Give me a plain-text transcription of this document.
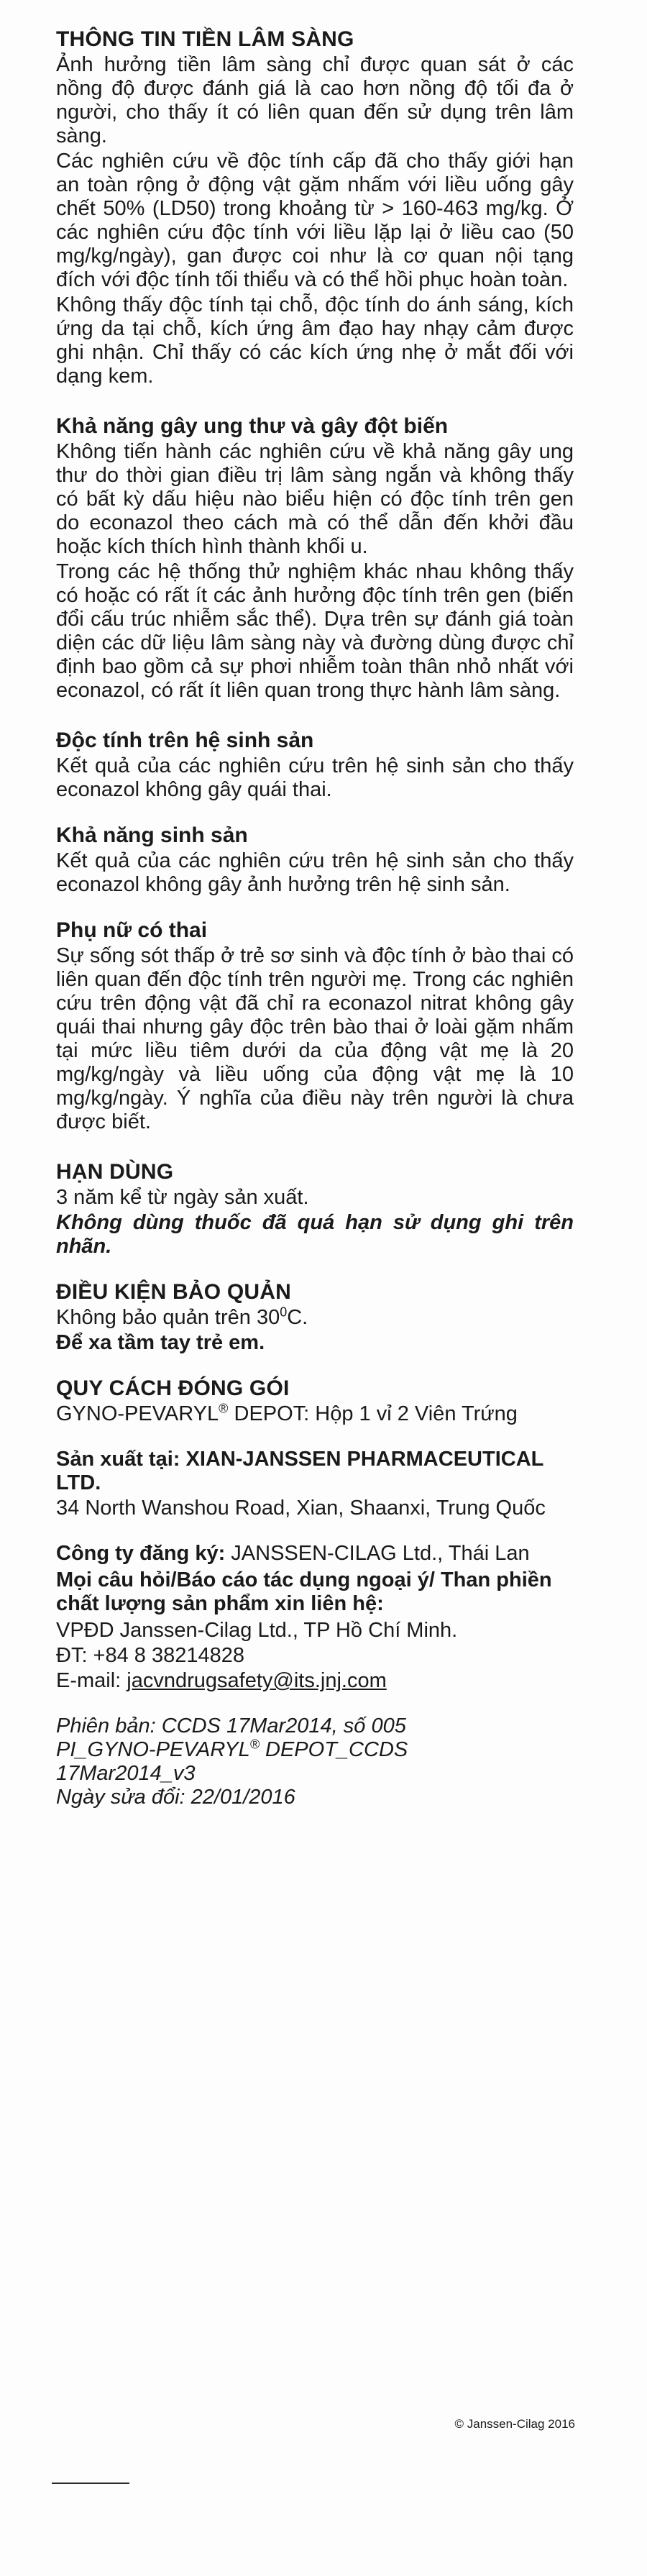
THÔNG TIN TIỀN LÂM SÀNG

Ảnh hưởng tiền lâm sàng chỉ được quan sát ở các nồng độ được đánh giá là cao hơn nồng độ tối đa ở người, cho thấy ít có liên quan đến sử dụng trên lâm sàng.

Các nghiên cứu về độc tính cấp đã cho thấy giới hạn an toàn rộng ở động vật gặm nhấm với liều uống gây chết 50% (LD50) trong khoảng từ > 160-463 mg/kg. Ở các nghiên cứu độc tính với liều lặp lại ở liều cao (50 mg/kg/ngày), gan được coi như là cơ quan nội tạng đích với độc tính tối thiểu và có thể hồi phục hoàn toàn.

Không thấy độc tính tại chỗ, độc tính do ánh sáng, kích ứng da tại chỗ, kích ứng âm đạo hay nhạy cảm được ghi nhận. Chỉ thấy có các kích ứng nhẹ ở mắt đối với dạng kem.

Khả năng gây ung thư và gây đột biến

Không tiến hành các nghiên cứu về khả năng gây ung thư do thời gian điều trị lâm sàng ngắn và không thấy có bất kỳ dấu hiệu nào biểu hiện có độc tính trên gen do econazol theo cách mà có thể dẫn đến khởi đầu hoặc kích thích hình thành khối u.

Trong các hệ thống thử nghiệm khác nhau không thấy có hoặc có rất ít các ảnh hưởng độc tính trên gen (biến đổi cấu trúc nhiễm sắc thể). Dựa trên sự đánh giá toàn diện các dữ liệu lâm sàng này và đường dùng được chỉ định bao gồm cả sự phơi nhiễm toàn thân nhỏ nhất với econazol, có rất ít liên quan trong thực hành lâm sàng.

Độc tính trên hệ sinh sản

Kết quả của các nghiên cứu trên hệ sinh sản cho thấy econazol không gây quái thai.

Khả năng sinh sản

Kết quả của các nghiên cứu trên hệ sinh sản cho thấy econazol không gây ảnh hưởng trên hệ sinh sản.

Phụ nữ có thai

Sự sống sót thấp ở trẻ sơ sinh và độc tính ở bào thai có liên quan đến độc tính trên người mẹ. Trong các nghiên cứu trên động vật đã chỉ ra econazol nitrat không gây quái thai nhưng gây độc trên bào thai ở loài gặm nhấm tại mức liều tiêm dưới da của động vật mẹ là 20 mg/kg/ngày và liều uống của động vật mẹ là 10 mg/kg/ngày. Ý nghĩa của điều này trên người là chưa được biết.

HẠN DÙNG

3 năm kể từ ngày sản xuất.

Không dùng thuốc đã quá hạn sử dụng ghi trên nhãn.

ĐIỀU KIỆN BẢO QUẢN

Không bảo quản trên $30^0C$.

Để xa tầm tay trẻ em.

QUY CÁCH ĐÓNG GÓI

GYNO-PEVARYL® DEPOT: Hộp 1 vỉ 2 Viên Trứng

Sản xuất tại: XIAN-JANSSEN PHARMACEUTICAL LTD.

34 North Wanshou Road, Xian, Shaanxi, Trung Quốc

Công ty đăng ký: JANSSEN-CILAG Ltd., Thái Lan

Mọi câu hỏi/Báo cáo tác dụng ngoại ý/ Than phiền chất lượng sản phẩm xin liên hệ:

VPĐD Janssen-Cilag Ltd., TP Hồ Chí Minh.

ĐT: +84 8 38214828

E-mail: jacvndrugsafety@its.jnj.com

Phiên bản: CCDS 17Mar2014, số 005
PI_GYNO-PEVARYL® DEPOT_CCDS
17Mar2014_v3
Ngày sửa đổi: 22/01/2016
© Janssen-Cilag 2016
